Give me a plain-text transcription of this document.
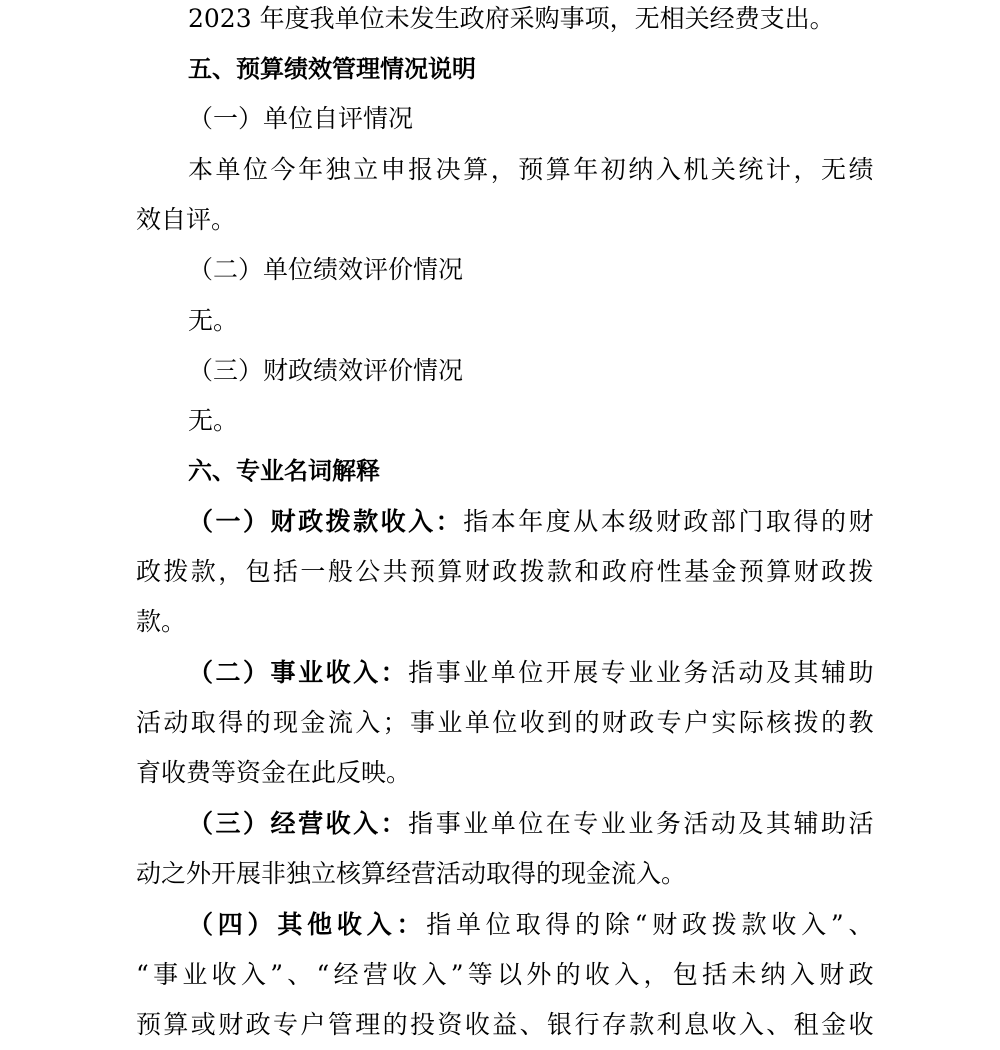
2023 年度我单位未发生政府采购事项，无相关经费支出。
五、预算绩效管理情况说明
（一）单位自评情况
本单位今年独立申报决算，预算年初纳入机关统计，无绩
效自评。
（二）单位绩效评价情况
无。
（三）财政绩效评价情况
无。
六、专业名词解释
（一）财政拨款收入：指本年度从本级财政部门取得的财
政拨款，包括一般公共预算财政拨款和政府性基金预算财政拨
款。
（二）事业收入：指事业单位开展专业业务活动及其辅助
活动取得的现金流入；事业单位收到的财政专户实际核拨的教
育收费等资金在此反映。
（三）经营收入：指事业单位在专业业务活动及其辅助活
动之外开展非独立核算经营活动取得的现金流入。
（四）其他收入：指单位取得的除“财政拨款收入”、
“事业收入”、“经营收入”等以外的收入，包括未纳入财政
预算或财政专户管理的投资收益、银行存款利息收入、租金收
